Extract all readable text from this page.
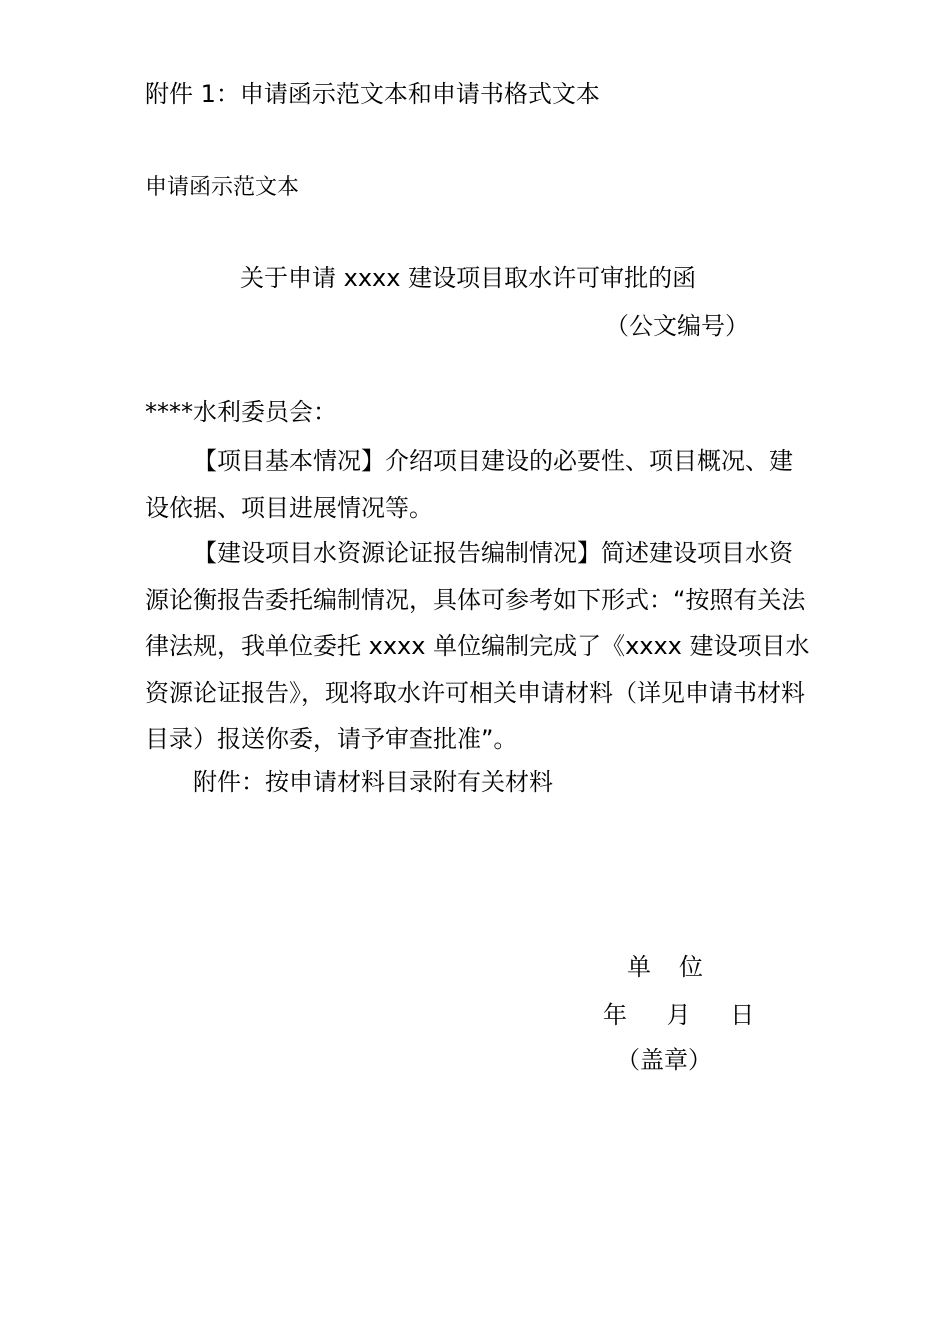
附件 1：申请函示范文本和申请书格式文本
申请函示范文本
关于申请 xxxx 建设项目取水许可审批的函
（公文编号）
****水利委员会：
【项目基本情况】介绍项目建设的必要性、项目概况、建设依据、项目进展情况等。
【建设项目水资源论证报告编制情况】简述建设项目水资源论衡报告委托编制情况，具体可参考如下形式：“按照有关法律法规，我单位委托 xxxx 单位编制完成了《xxxx 建设项目水资源论证报告》，现将取水许可相关申请材料（详见申请书材料目录）报送你委，请予审查批准”。
附件：按申请材料目录附有关材料
单位
年 月 日
（盖章）
